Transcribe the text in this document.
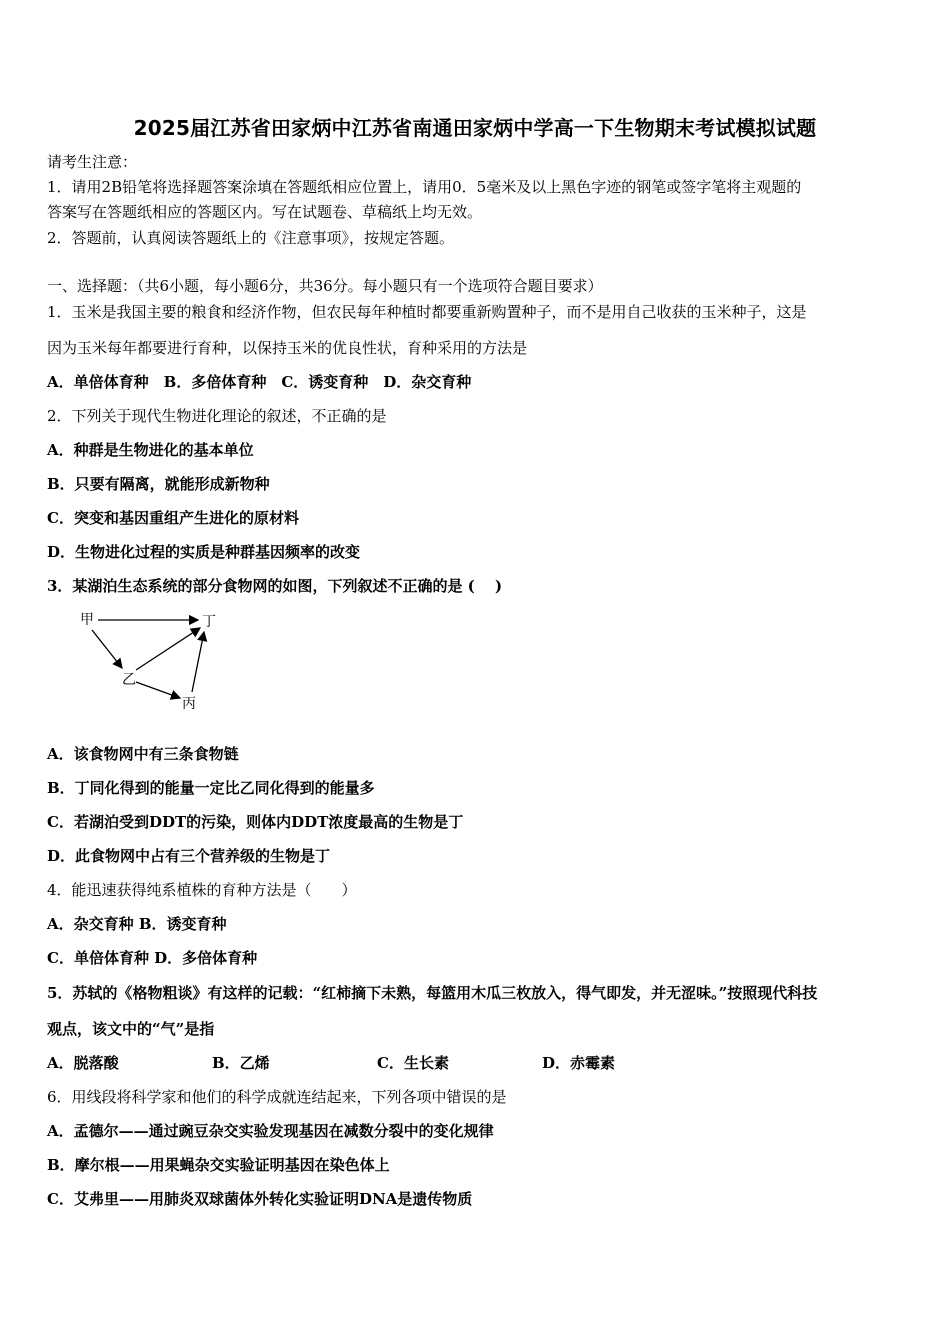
2025届江苏省田家炳中江苏省南通田家炳中学高一下生物期末考试模拟试题
请考生注意：
1．请用2B铅笔将选择题答案涂填在答题纸相应位置上，请用0．5毫米及以上黑色字迹的钢笔或签字笔将主观题的
答案写在答题纸相应的答题区内。写在试题卷、草稿纸上均无效。
2．答题前，认真阅读答题纸上的《注意事项》，按规定答题。
一、选择题：（共6小题，每小题6分，共36分。每小题只有一个选项符合题目要求）
1．玉米是我国主要的粮食和经济作物，但农民每年种植时都要重新购置种子，而不是用自己收获的玉米种子，这是
因为玉米每年都要进行育种，以保持玉米的优良性状，育种采用的方法是
A．单倍体育种　B．多倍体育种　C．诱变育种　D．杂交育种
2．下列关于现代生物进化理论的叙述，不正确的是
A．种群是生物进化的基本单位
B．只要有隔离，就能形成新物种
C．突变和基因重组产生进化的原材料
D．生物进化过程的实质是种群基因频率的改变
3．某湖泊生态系统的部分食物网的如图，下列叙述不正确的是 (　 )
甲	丁
乙
丙
A．该食物网中有三条食物链
B．丁同化得到的能量一定比乙同化得到的能量多
C．若湖泊受到DDT的污染，则体内DDT浓度最高的生物是丁
D．此食物网中占有三个营养级的生物是丁
4．能迅速获得纯系植株的育种方法是（　　）
A．杂交育种 B．诱变育种
C．单倍体育种 D．多倍体育种
5．苏轼的《格物粗谈》有这样的记载：“红柿摘下未熟，每篮用木瓜三枚放入，得气即发，并无涩味。”按照现代科技
观点，该文中的“气”是指
A．脱落酸	B．乙烯	C．生长素	D．赤霉素
6．用线段将科学家和他们的科学成就连结起来，下列各项中错误的是
A．孟德尔——通过豌豆杂交实验发现基因在减数分裂中的变化规律
B．摩尔根——用果蝇杂交实验证明基因在染色体上
C．艾弗里——用肺炎双球菌体外转化实验证明DNA是遗传物质
